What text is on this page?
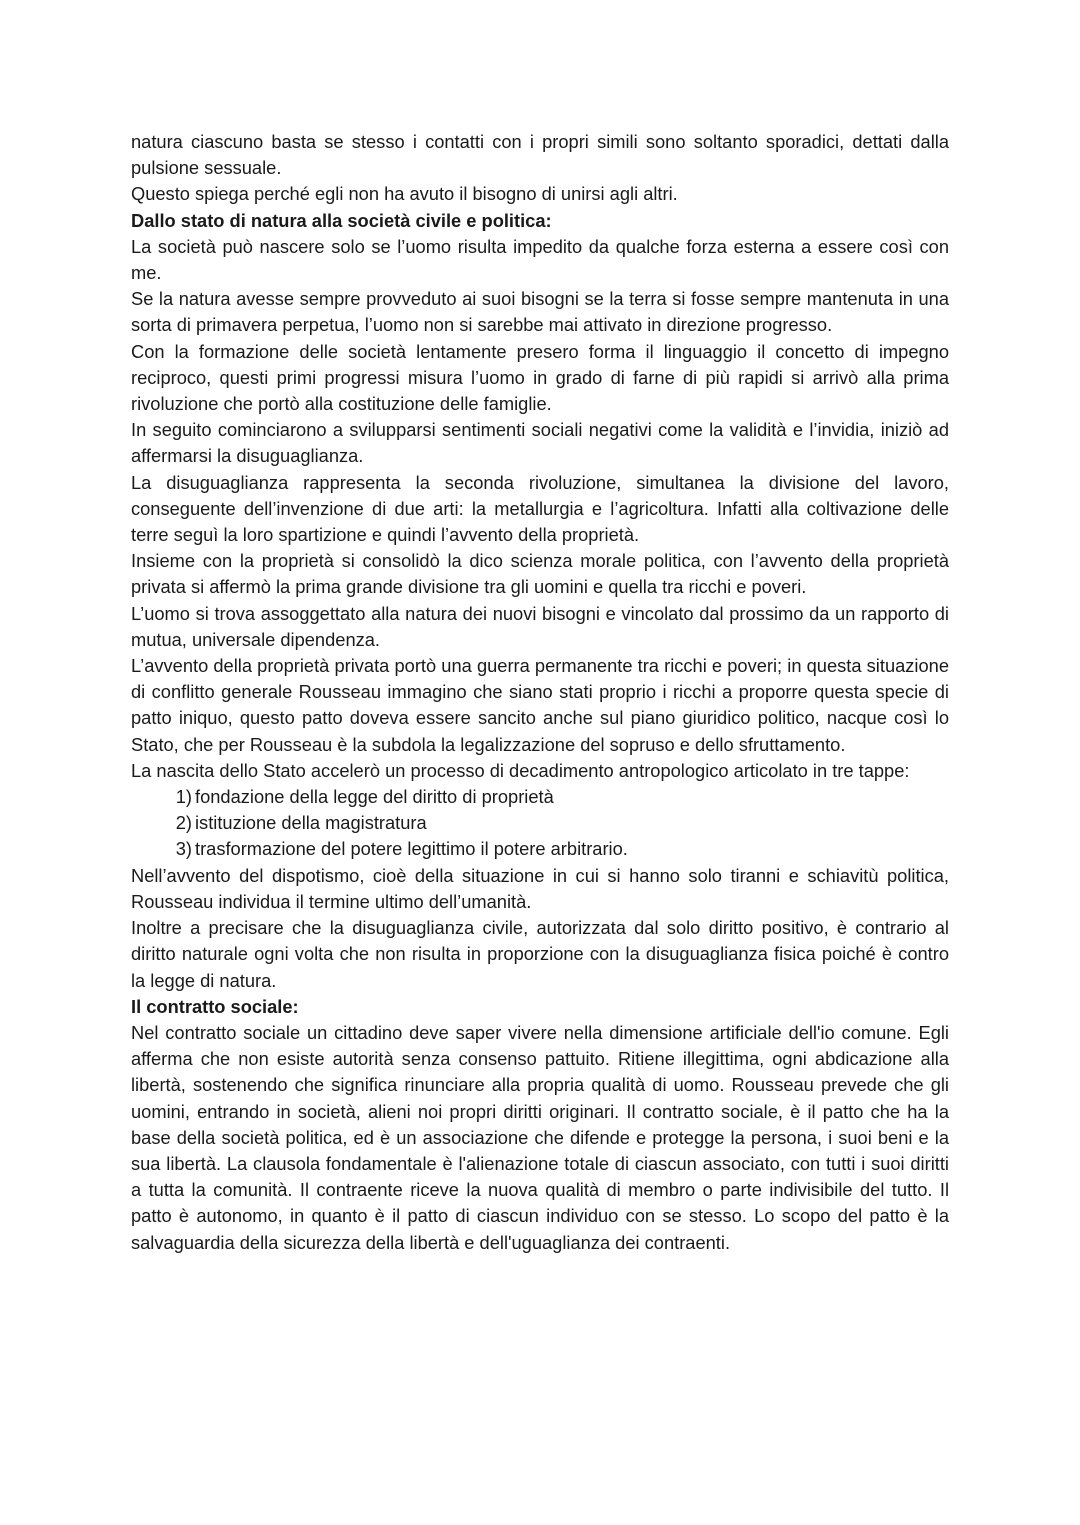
natura ciascuno basta se stesso i contatti con i propri simili sono soltanto sporadici, dettati dalla pulsione sessuale.

Questo spiega perché egli non ha avuto il bisogno di unirsi agli altri.

Dallo stato di natura alla società civile e politica:

La società può nascere solo se l’uomo risulta impedito da qualche forza esterna a essere così con me.

Se la natura avesse sempre provveduto ai suoi bisogni se la terra si fosse sempre mantenuta in una sorta di primavera perpetua, l’uomo non si sarebbe mai attivato in direzione progresso.

Con la formazione delle società lentamente presero forma il linguaggio il concetto di impegno reciproco, questi primi progressi misura l’uomo in grado di farne di più rapidi si arrivò alla prima rivoluzione che portò alla costituzione delle famiglie.

In seguito cominciarono a svilupparsi sentimenti sociali negativi come la validità e l’invidia, iniziò ad affermarsi la disuguaglianza.

La disuguaglianza rappresenta la seconda rivoluzione, simultanea la divisione del lavoro, conseguente dell’invenzione di due arti: la metallurgia e l’agricoltura. Infatti alla coltivazione delle terre seguì la loro spartizione e quindi l’avvento della proprietà.

Insieme con la proprietà si consolidò la dico scienza morale politica, con l’avvento della proprietà privata si affermò la prima grande divisione tra gli uomini e quella tra ricchi e poveri.

L’uomo si trova assoggettato alla natura dei nuovi bisogni e vincolato dal prossimo da un rapporto di mutua, universale dipendenza.

L’avvento della proprietà privata portò una guerra permanente tra ricchi e poveri; in questa situazione di conflitto generale Rousseau immagino che siano stati proprio i ricchi a proporre questa specie di patto iniquo, questo patto doveva essere sancito anche sul piano giuridico politico, nacque così lo Stato, che per Rousseau è la subdola la legalizzazione del sopruso e dello sfruttamento.

La nascita dello Stato accelerò un processo di decadimento antropologico articolato in tre tappe:

1) fondazione della legge del diritto di proprietà
2) istituzione della magistratura
3) trasformazione del potere legittimo il potere arbitrario.

Nell’avvento del dispotismo, cioè della situazione in cui si hanno solo tiranni e schiavitù politica, Rousseau individua il termine ultimo dell’umanità.

Inoltre a precisare che la disuguaglianza civile, autorizzata dal solo diritto positivo, è contrario al diritto naturale ogni volta che non risulta in proporzione con la disuguaglianza fisica poiché è contro la legge di natura.

Il contratto sociale:

Nel contratto sociale un cittadino deve saper vivere nella dimensione artificiale dell'io comune. Egli afferma che non esiste autorità senza consenso pattuito. Ritiene illegittima, ogni abdicazione alla libertà, sostenendo che significa rinunciare alla propria qualità di uomo. Rousseau prevede che gli uomini, entrando in società, alieni noi propri diritti originari. Il contratto sociale, è il patto che ha la base della società politica, ed è un associazione che difende e protegge la persona, i suoi beni e la sua libertà. La clausola fondamentale è l'alienazione totale di ciascun associato, con tutti i suoi diritti a tutta la comunità. Il contraente riceve la nuova qualità di membro o parte indivisibile del tutto. Il patto è autonomo, in quanto è il patto di ciascun individuo con se stesso. Lo scopo del patto è la salvaguardia della sicurezza della libertà e dell'uguaglianza dei contraenti.
